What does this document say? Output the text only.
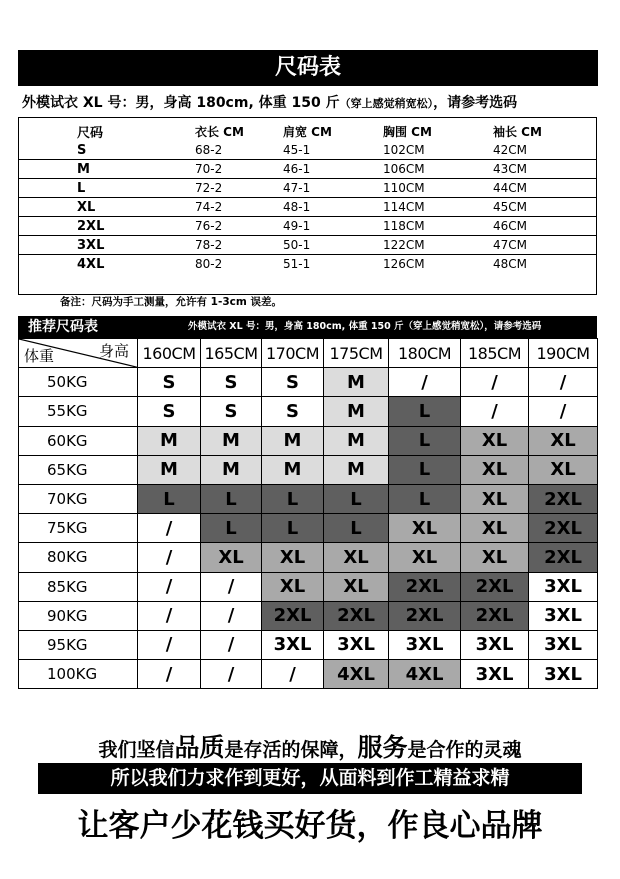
尺码表
外模试衣 XL 号：男，身高 180cm, 体重 150 斤（穿上感觉稍宽松），请参考选码
尺码	衣长 CM	肩宽 CM	胸围 CM	袖长 CM
S	68-2	45-1	102CM	42CM
M	70-2	46-1	106CM	43CM
L	72-2	47-1	110CM	44CM
XL	74-2	48-1	114CM	45CM
2XL	76-2	49-1	118CM	46CM
3XL	78-2	50-1	122CM	47CM
4XL	80-2	51-1	126CM	48CM
备注：尺码为手工测量，允许有 1-3cm 误差。
推荐尺码表	外模试衣 XL 号：男，身高 180cm, 体重 150 斤（穿上感觉稍宽松），请参考选码
身高
体重	160CM	165CM	170CM	175CM	180CM	185CM	190CM
50KG	S	S	S	M	/	/	/
55KG	S	S	S	M	L	/	/
60KG	M	M	M	M	L	XL	XL
65KG	M	M	M	M	L	XL	XL
70KG	L	L	L	L	L	XL	2XL
75KG	/	L	L	L	XL	XL	2XL
80KG	/	XL	XL	XL	XL	XL	2XL
85KG	/	/	XL	XL	2XL	2XL	3XL
90KG	/	/	2XL	2XL	2XL	2XL	3XL
95KG	/	/	3XL	3XL	3XL	3XL	3XL
100KG	/	/	/	4XL	4XL	3XL	3XL
我们坚信品质是存活的保障，服务是合作的灵魂
所以我们力求作到更好，从面料到作工精益求精
让客户少花钱买好货，作良心品牌
